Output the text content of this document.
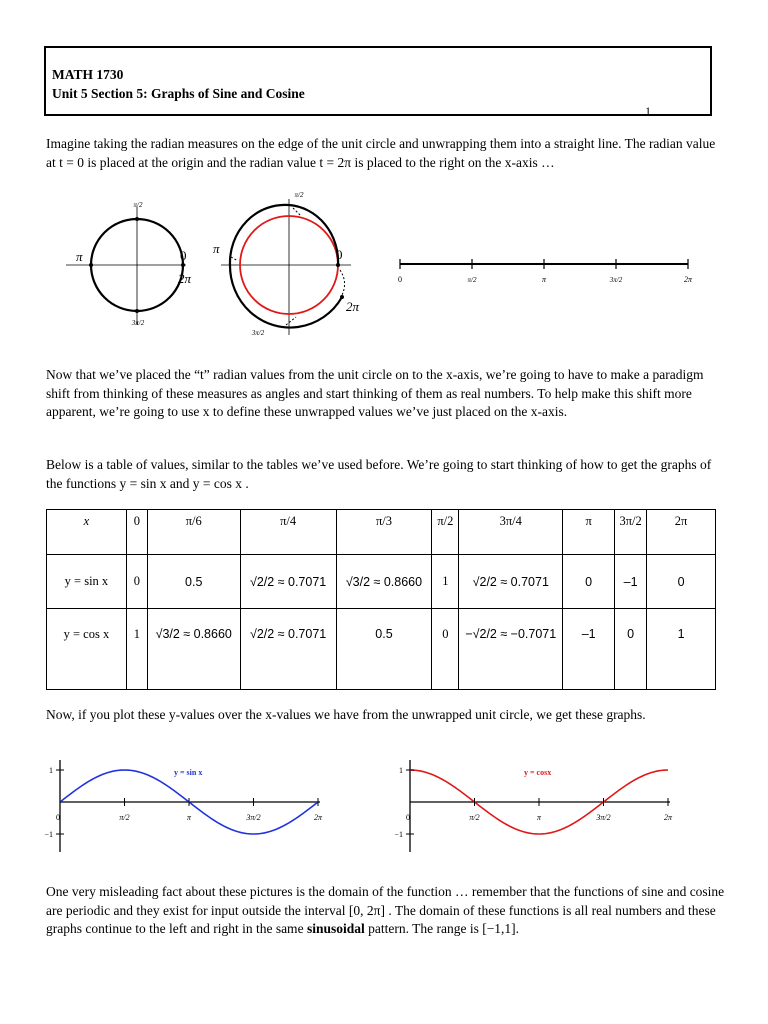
MATH 1730
Unit 5 Section 5: Graphs of Sine and Cosine
1
Imagine taking the radian measures on the edge of the unit circle and unwrapping them into a straight line. The radian value at t = 0 is placed at the origin and the radian value t = 2π is placed to the right on the x-axis …
π/2
π	0
2π
3π/2
π/2
π	0
2π
3π/2
0	π/2	π	3π/2	2π
Now that we’ve placed the “t” radian values from the unit circle on to the x-axis, we’re going to have to make a paradigm shift from thinking of these measures as angles and start thinking of them as real numbers. To help make this shift more apparent, we’re going to use x to define these unwrapped values we’ve just placed on the x-axis.
Below is a table of values, similar to the tables we’ve used before. We’re going to start thinking of how to get the graphs of the functions y = sin x and y = cos x .
x	0	π/6	π/4	π/3	π/2	3π/4	π	3π/2	2π
y = sin x	0	0.5	√2/2 ≈ 0.7071	√3/2 ≈ 0.8660	1	√2/2 ≈ 0.7071	0	–1	0
y = cos x	1	√3/2 ≈ 0.8660	√2/2 ≈ 0.7071	0.5	0	−√2/2 ≈ −0.7071	–1	0	1
Now, if you plot these y-values over the x-values we have from the unwrapped unit circle, we get these graphs.
0	π/2	π	3π/2	2π
1
−1
y = sin x
0	π/2	π	3π/2	2π
1
−1
y = cosx
One very misleading fact about these pictures is the domain of the function … remember that the functions of sine and cosine are periodic and they exist for input outside the interval [0, 2π] . The domain of these functions is all real numbers and these graphs continue to the left and right in the same sinusoidal pattern. The range is [−1,1].
